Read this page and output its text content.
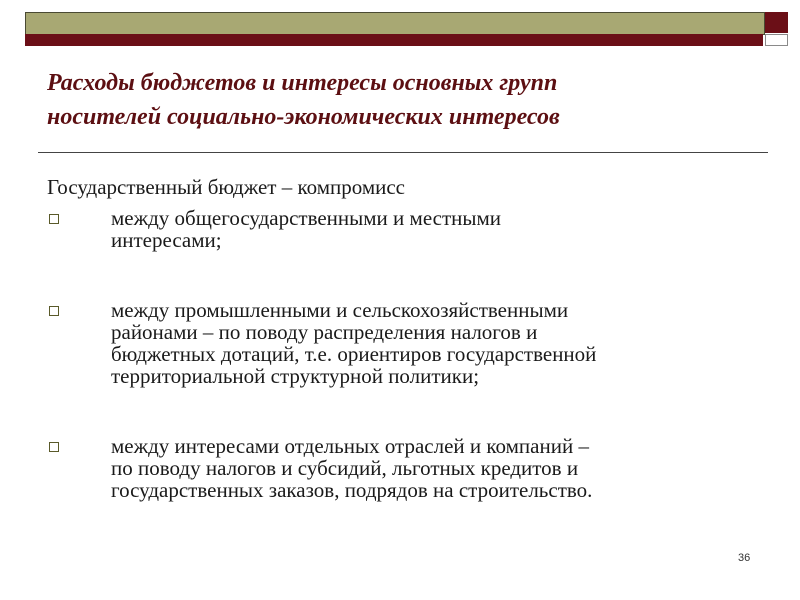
Расходы бюджетов и интересы основных групп
носителей социально-экономических интересов
Государственный бюджет – компромисс
между общегосударственными и местными
интересами;
между промышленными и сельскохозяйственными
районами – по поводу распределения налогов и
бюджетных дотаций, т.е. ориентиров государственной
территориальной структурной политики;
между интересами отдельных отраслей и компаний –
по поводу налогов и субсидий, льготных кредитов и
государственных заказов, подрядов на строительство.
36
